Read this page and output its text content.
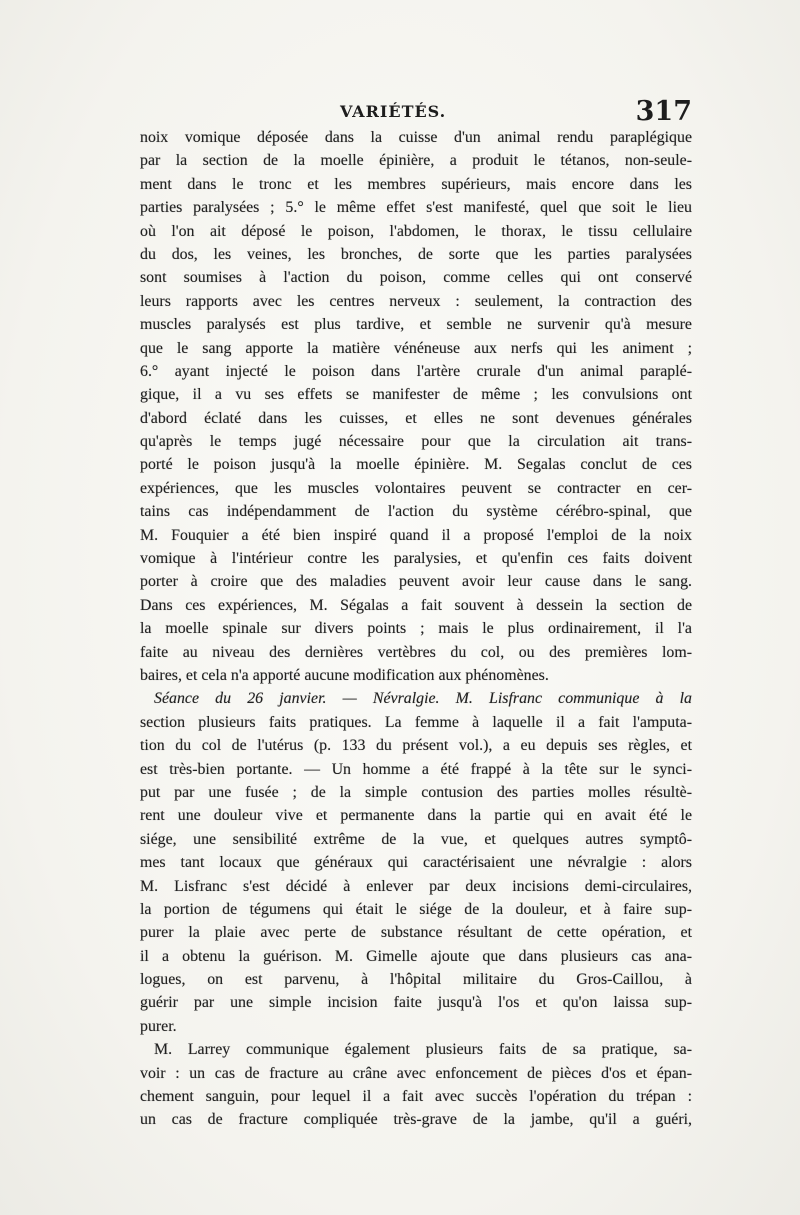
VARIÉTÉS.	317
noix vomique déposée dans la cuisse d'un animal rendu paraplégique
par la section de la moelle épinière, a produit le tétanos, non-seule-
ment dans le tronc et les membres supérieurs, mais encore dans les
parties paralysées ; 5.° le même effet s'est manifesté, quel que soit le lieu
où l'on ait déposé le poison, l'abdomen, le thorax, le tissu cellulaire
du dos, les veines, les bronches, de sorte que les parties paralysées
sont soumises à l'action du poison, comme celles qui ont conservé
leurs rapports avec les centres nerveux : seulement, la contraction des
muscles paralysés est plus tardive, et semble ne survenir qu'à mesure
que le sang apporte la matière vénéneuse aux nerfs qui les animent ;
6.° ayant injecté le poison dans l'artère crurale d'un animal paraplé-
gique, il a vu ses effets se manifester de même ; les convulsions ont
d'abord éclaté dans les cuisses, et elles ne sont devenues générales
qu'après le temps jugé nécessaire pour que la circulation ait trans-
porté le poison jusqu'à la moelle épinière. M. Segalas conclut de ces
expériences, que les muscles volontaires peuvent se contracter en cer-
tains cas indépendamment de l'action du système cérébro-spinal, que
M. Fouquier a été bien inspiré quand il a proposé l'emploi de la noix
vomique à l'intérieur contre les paralysies, et qu'enfin ces faits doivent
porter à croire que des maladies peuvent avoir leur cause dans le sang.
Dans ces expériences, M. Ségalas a fait souvent à dessein la section de
la moelle spinale sur divers points ; mais le plus ordinairement, il l'a
faite au niveau des dernières vertèbres du col, ou des premières lom-
baires, et cela n'a apporté aucune modification aux phénomènes.
Séance du 26 janvier. — Névralgie. M. Lisfranc communique à la
section plusieurs faits pratiques. La femme à laquelle il a fait l'amputa-
tion du col de l'utérus (p. 133 du présent vol.), a eu depuis ses règles, et
est très-bien portante. — Un homme a été frappé à la tête sur le synci-
put par une fusée ; de la simple contusion des parties molles résultè-
rent une douleur vive et permanente dans la partie qui en avait été le
siége, une sensibilité extrême de la vue, et quelques autres symptô-
mes tant locaux que généraux qui caractérisaient une névralgie : alors
M. Lisfranc s'est décidé à enlever par deux incisions demi-circulaires,
la portion de tégumens qui était le siége de la douleur, et à faire sup-
purer la plaie avec perte de substance résultant de cette opération, et
il a obtenu la guérison. M. Gimelle ajoute que dans plusieurs cas ana-
logues, on est parvenu, à l'hôpital militaire du Gros-Caillou, à
guérir par une simple incision faite jusqu'à l'os et qu'on laissa sup-
purer.
M. Larrey communique également plusieurs faits de sa pratique, sa-
voir : un cas de fracture au crâne avec enfoncement de pièces d'os et épan-
chement sanguin, pour lequel il a fait avec succès l'opération du trépan :
un cas de fracture compliquée très-grave de la jambe, qu'il a guéri,
